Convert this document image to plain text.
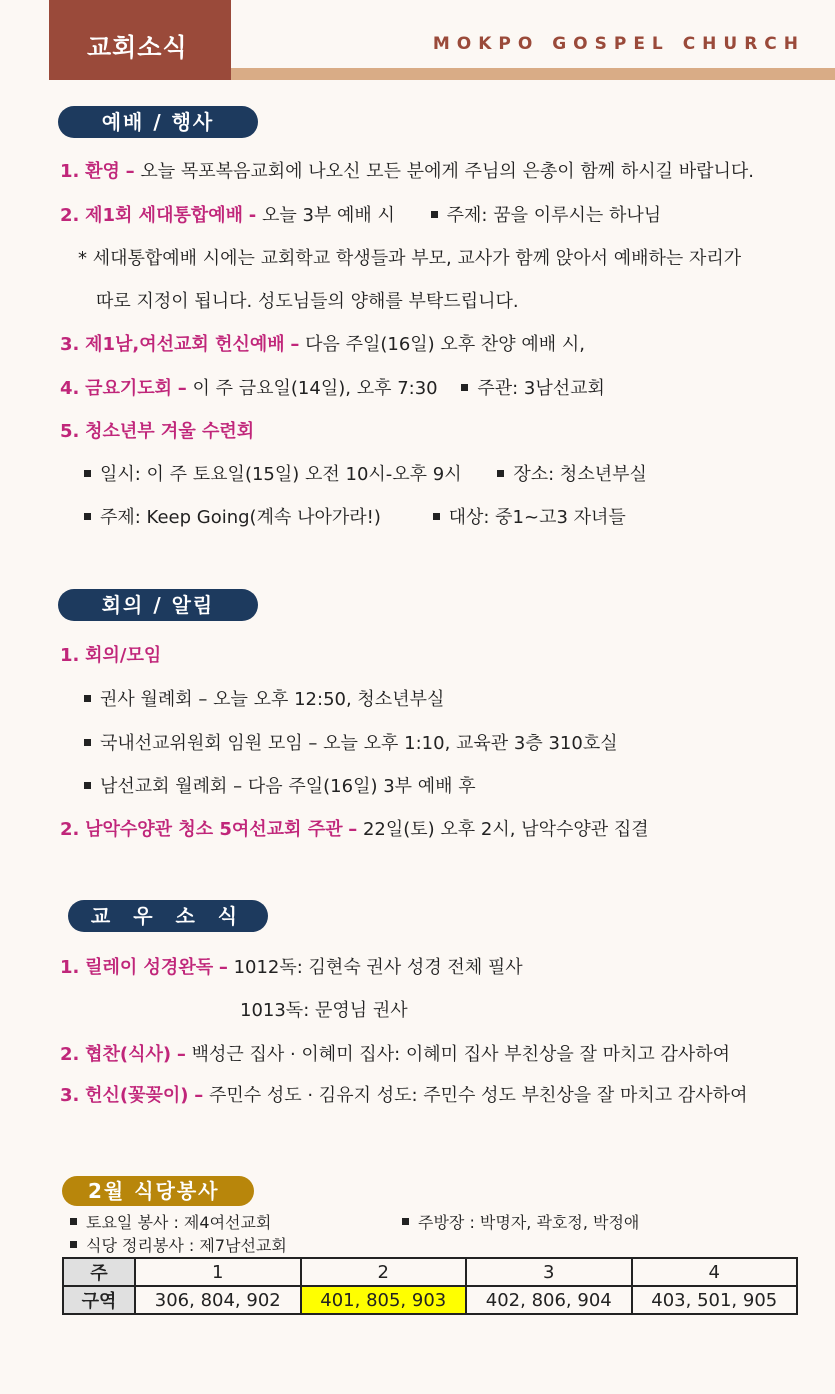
교회소식	MOKPO GOSPEL CHURCH
예배 / 행사
1. 환영 – 오늘 목포복음교회에 나오신 모든 분에게 주님의 은총이 함께 하시길 바랍니다.
2. 제1회 세대통합예배 - 오늘 3부 예배 시	주제: 꿈을 이루시는 하나님
* 세대통합예배 시에는 교회학교 학생들과 부모, 교사가 함께 앉아서 예배하는 자리가
따로 지정이 됩니다. 성도님들의 양해를 부탁드립니다.
3. 제1남,여선교회 헌신예배 – 다음 주일(16일) 오후 찬양 예배 시,
4. 금요기도회 – 이 주 금요일(14일), 오후 7:30 주관: 3남선교회
5. 청소년부 겨울 수련회
일시: 이 주 토요일(15일) 오전 10시-오후 9시	장소: 청소년부실
주제: Keep Going(계속 나아가라!)	대상: 중1~고3 자녀들
회의 / 알림
1. 회의/모임
권사 월례회 – 오늘 오후 12:50, 청소년부실
국내선교위원회 임원 모임 – 오늘 오후 1:10, 교육관 3층 310호실
남선교회 월례회 – 다음 주일(16일) 3부 예배 후
2. 남악수양관 청소 5여선교회 주관 – 22일(토) 오후 2시, 남악수양관 집결
교 우 소 식
1. 릴레이 성경완독 – 1012독: 김현숙 권사 성경 전체 필사
1013독: 문영님 권사
2. 협찬(식사) – 백성근 집사 · 이혜미 집사: 이혜미 집사 부친상을 잘 마치고 감사하여
3. 헌신(꽃꽂이) – 주민수 성도 · 김유지 성도: 주민수 성도 부친상을 잘 마치고 감사하여
2월 식당봉사
토요일 봉사 : 제4여선교회	주방장 : 박명자, 곽호정, 박정애
식당 정리봉사 : 제7남선교회
주	1	2	3	4
구역	306, 804, 902	401, 805, 903	402, 806, 904	403, 501, 905
